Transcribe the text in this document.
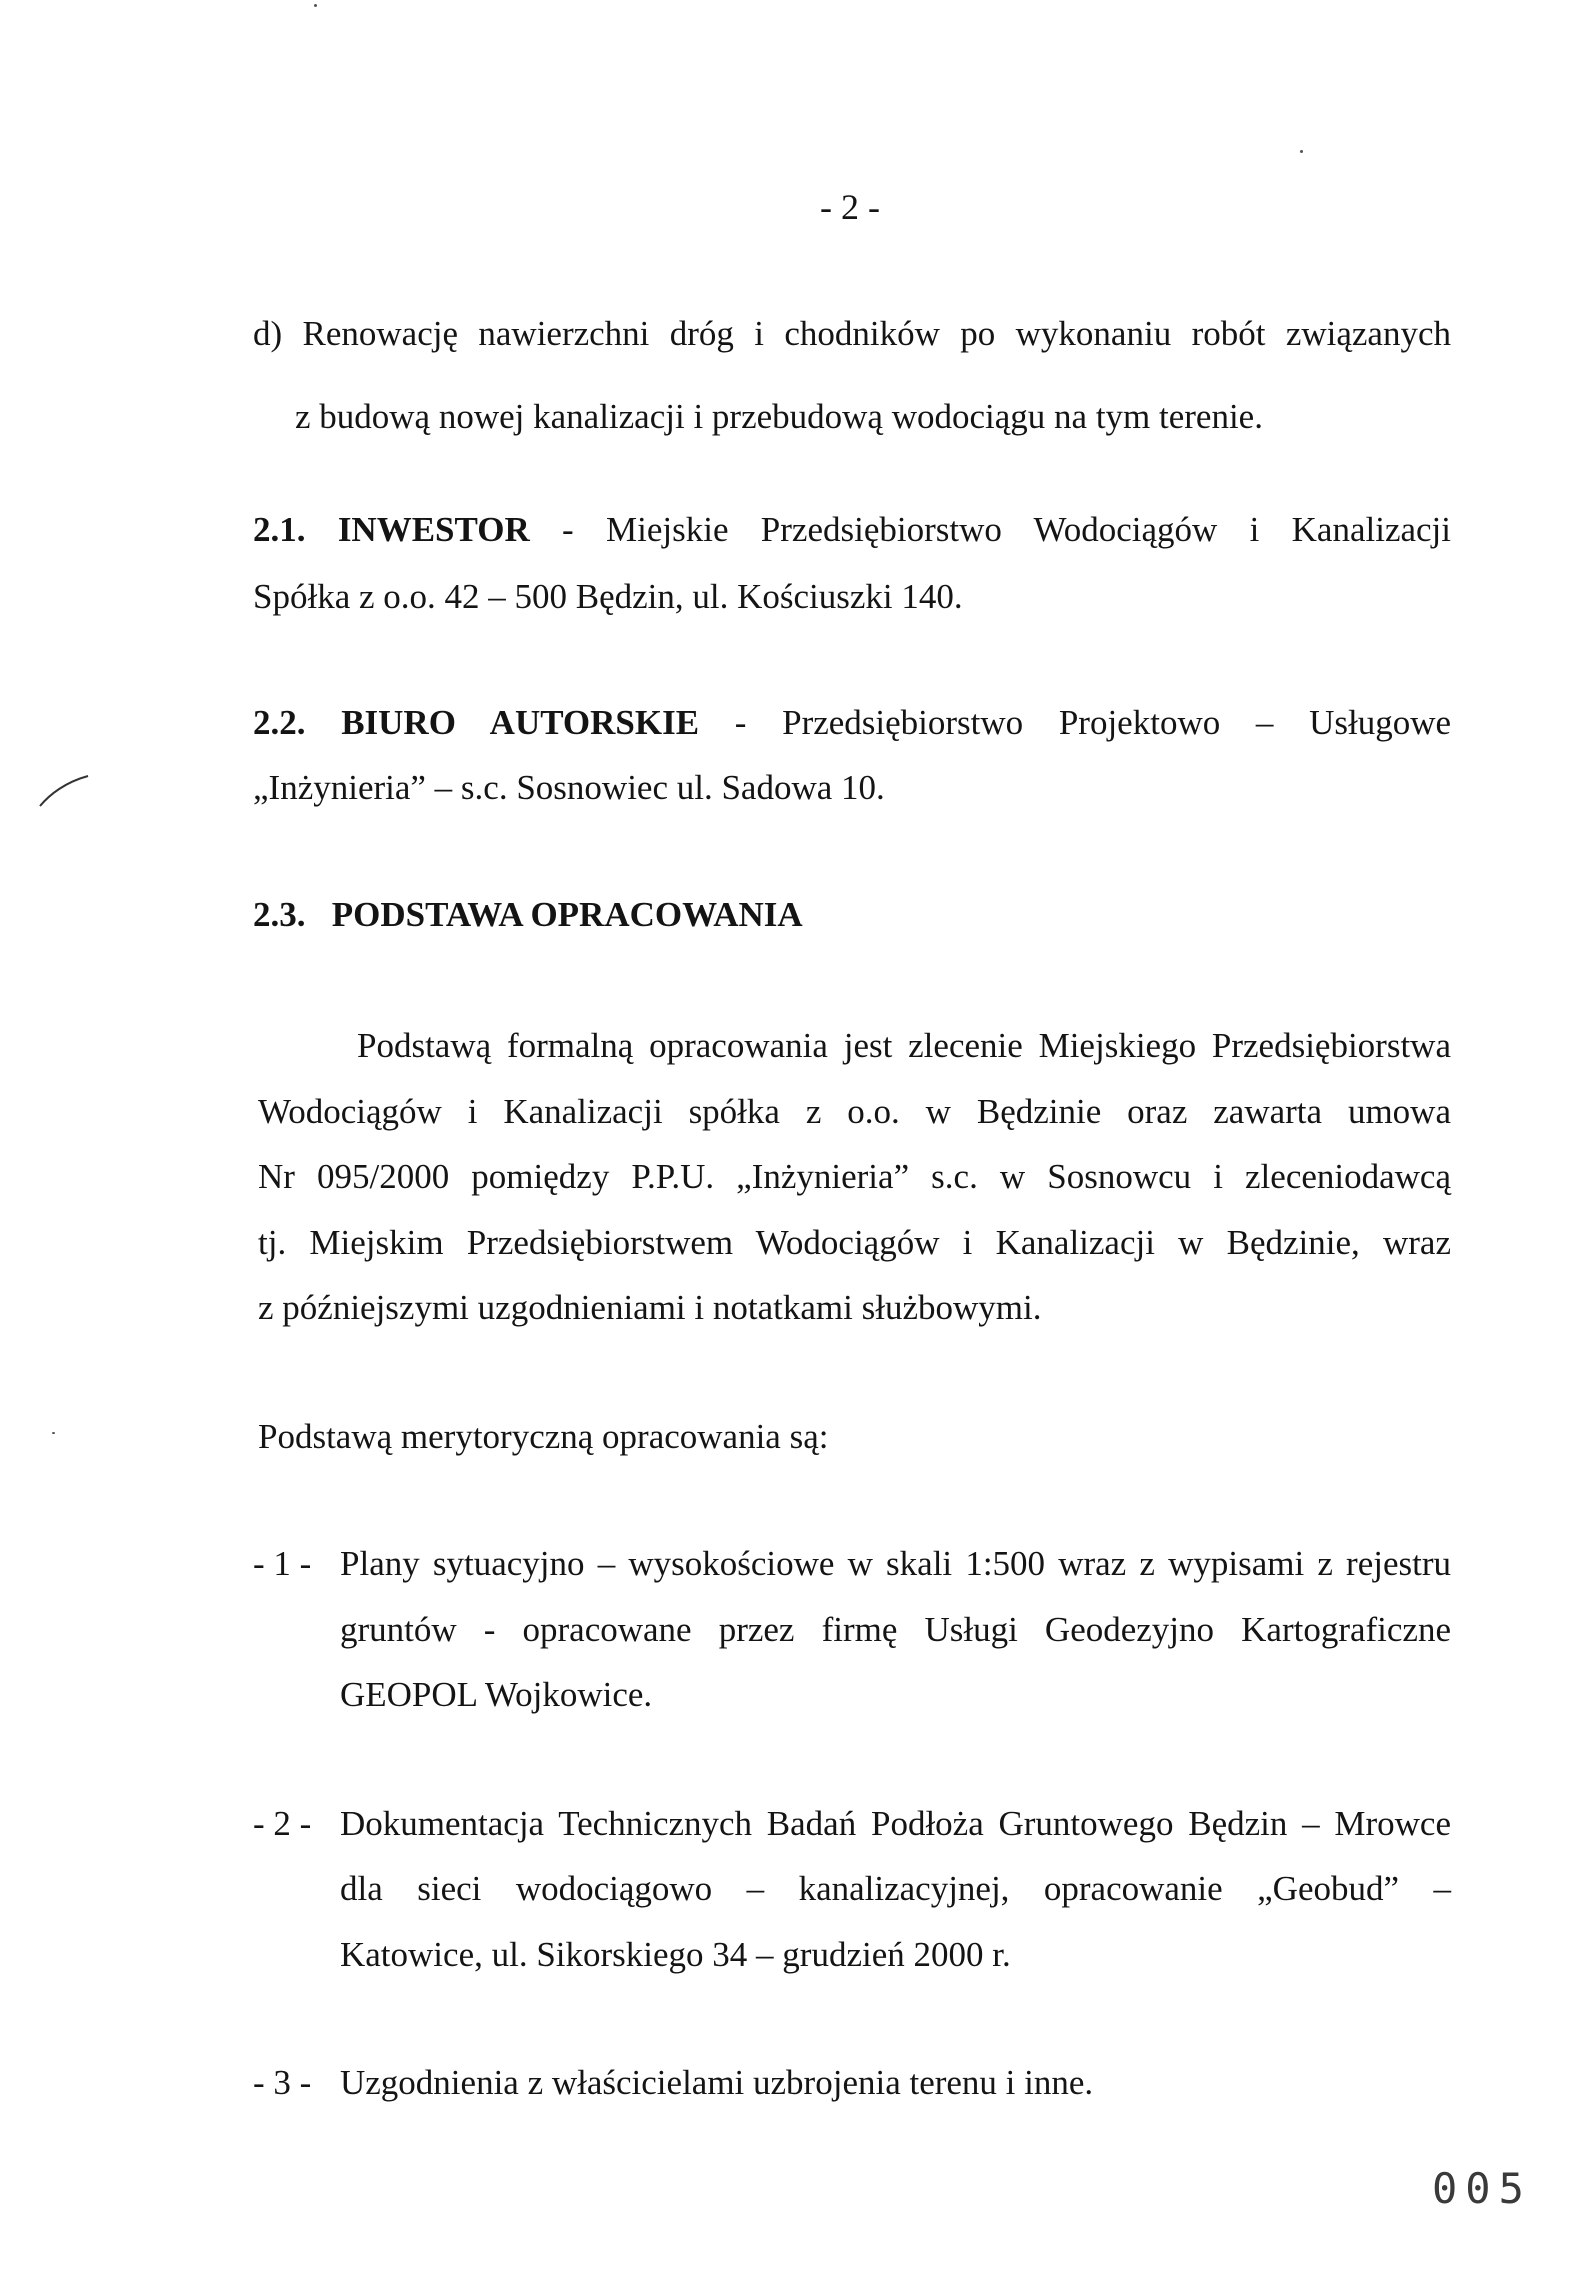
- 2 -
d) Renowację nawierzchni dróg i chodników po wykonaniu robót związanych
z budową nowej kanalizacji i przebudową wodociągu na tym terenie.
2.1. INWESTOR - Miejskie Przedsiębiorstwo Wodociągów i Kanalizacji
Spółka z o.o. 42 – 500 Będzin, ul. Kościuszki 140.
2.2. BIURO AUTORSKIE - Przedsiębiorstwo Projektowo – Usługowe
„Inżynieria” – s.c. Sosnowiec ul. Sadowa 10.
2.3. PODSTAWA OPRACOWANIA
Podstawą formalną opracowania jest zlecenie Miejskiego Przedsiębiorstwa
Wodociągów i Kanalizacji spółka z o.o. w Będzinie oraz zawarta umowa
Nr 095/2000 pomiędzy P.P.U. „Inżynieria” s.c. w Sosnowcu i zleceniodawcą
tj. Miejskim Przedsiębiorstwem Wodociągów i Kanalizacji w Będzinie, wraz
z późniejszymi uzgodnieniami i notatkami służbowymi.
Podstawą merytoryczną opracowania są:
- 1 - Plany sytuacyjno – wysokościowe w skali 1:500 wraz z wypisami z rejestru
gruntów - opracowane przez firmę Usługi Geodezyjno Kartograficzne
GEOPOL Wojkowice.
- 2 - Dokumentacja Technicznych Badań Podłoża Gruntowego Będzin – Mrowce
dla sieci wodociągowo – kanalizacyjnej, opracowanie „Geobud” –
Katowice, ul. Sikorskiego 34 – grudzień 2000 r.
- 3 - Uzgodnienia z właścicielami uzbrojenia terenu i inne.
005
